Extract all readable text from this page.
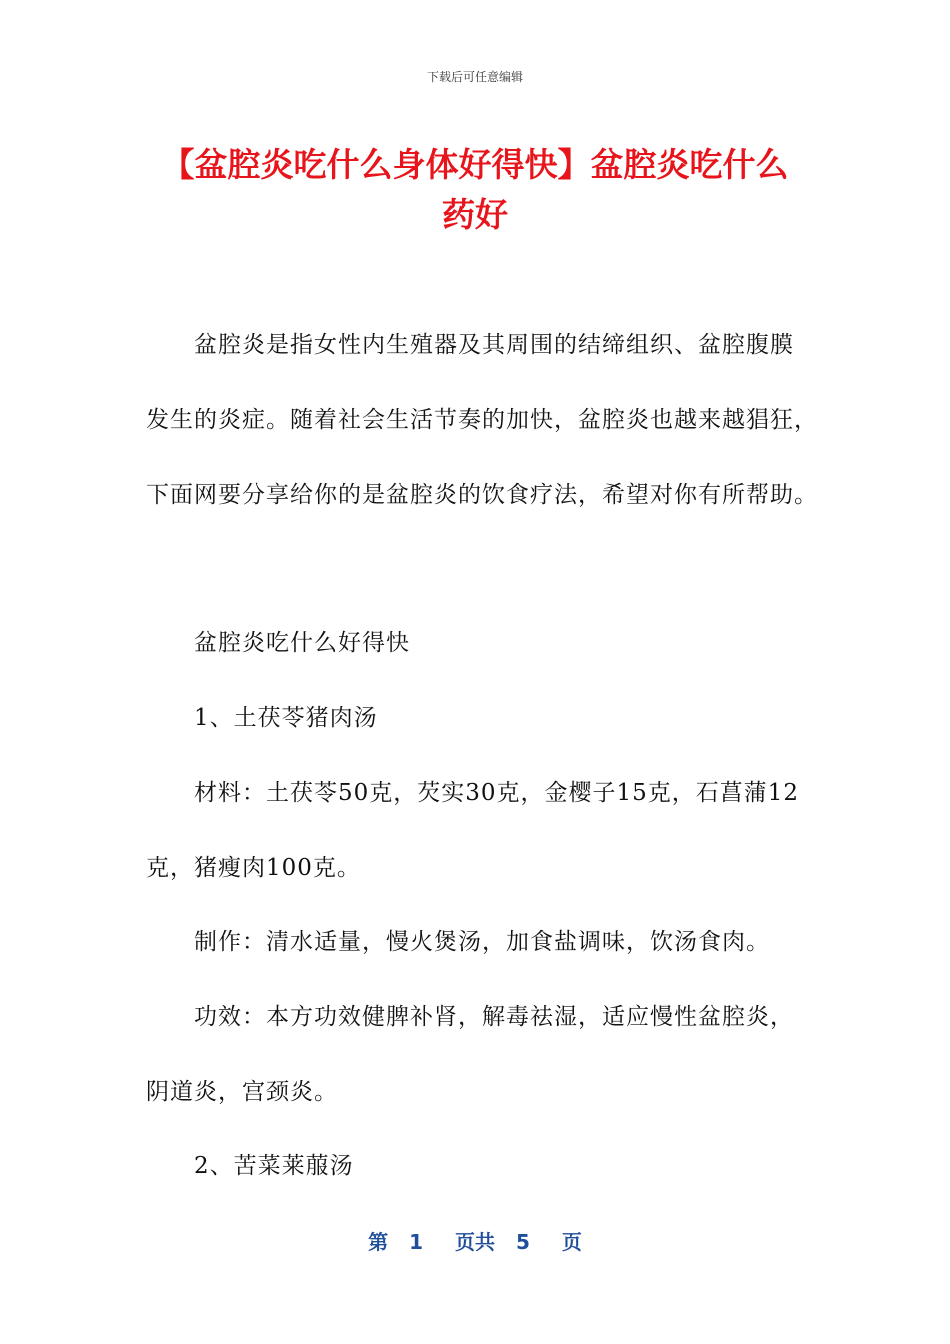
下载后可任意编辑
【盆腔炎吃什么身体好得快】盆腔炎吃什么
药好
盆腔炎是指女性内生殖器及其周围的结缔组织、盆腔腹膜
发生的炎症。随着社会生活节奏的加快，盆腔炎也越来越猖狂，
下面网要分享给你的是盆腔炎的饮食疗法，希望对你有所帮助。
盆腔炎吃什么好得快
1、土茯苓猪肉汤
材料：土茯苓50克，芡实30克，金樱子15克，石菖蒲12
克，猪瘦肉100克。
制作：清水适量，慢火煲汤，加食盐调味，饮汤食肉。
功效：本方功效健脾补肾，解毒祛湿，适应慢性盆腔炎，
阴道炎，宫颈炎。
2、苦菜莱菔汤
第 1 页共 5 页
